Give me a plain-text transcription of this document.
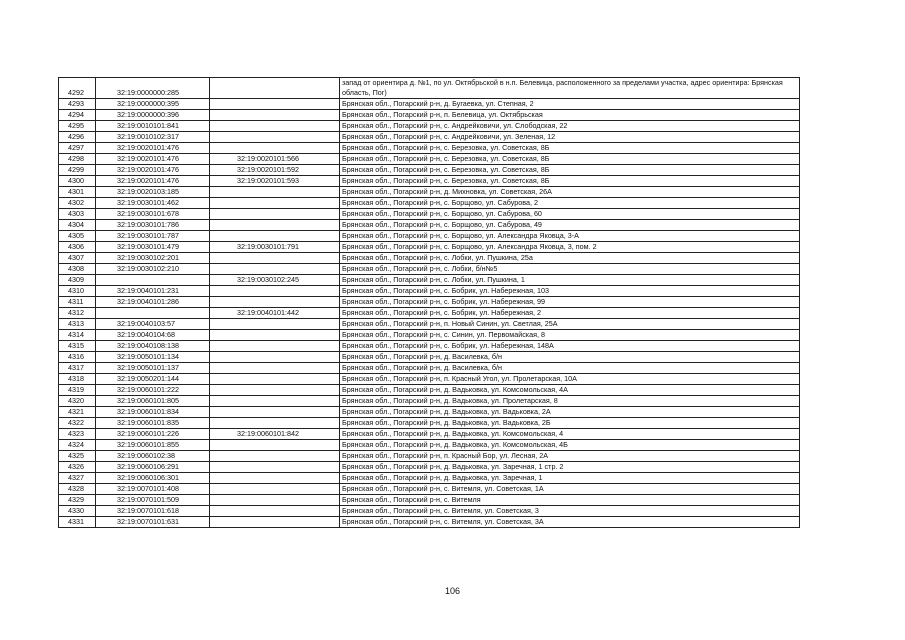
4292	32:19:0000000:285		запад от ориентира д. №1, по ул. Октябрьской в н.п. Белевица, расположенного за пределами участка, адрес ориентира: Брянская область, Пог)
4293	32:19:0000000:395		Брянская обл., Погарский р-н, д. Бугаевка, ул. Степная, 2
4294	32:19:0000000:396		Брянская обл., Погарский р-н, п. Белевица, ул. Октябрьская
4295	32:19:0010101:841		Брянская обл., Погарский р-н, с. Андрейковичи, ул. Слободская, 22
4296	32:19:0010102:317		Брянская обл., Погарский р-н, с. Андрейковичи, ул. Зеленая, 12
4297	32:19:0020101:476		Брянская обл., Погарский р-н, с. Березовка, ул. Советская, 8Б
4298	32:19:0020101:476	32:19:0020101:566	Брянская обл., Погарский р-н, с. Березовка, ул. Советская, 8Б
4299	32:19:0020101:476	32:19:0020101:592	Брянская обл., Погарский р-н, с. Березовка, ул. Советская, 8Б
4300	32:19:0020101:476	32:19:0020101:593	Брянская обл., Погарский р-н, с. Березовка, ул. Советская, 8Б
4301	32:19:0020103:185		Брянская обл., Погарский р-н, д. Михновка, ул. Советская, 26А
4302	32:19:0030101:462		Брянская обл., Погарский р-н, с. Борщово, ул. Сабурова, 2
4303	32:19:0030101:678		Брянская обл., Погарский р-н, с. Борщово, ул. Сабурова, 60
4304	32:19:0030101:786		Брянская обл., Погарский р-н, с. Борщово, ул. Сабурова, 49
4305	32:19:0030101:787		Брянская обл., Погарский р-н, с. Борщово, ул. Александра Яковца, 3-А
4306	32:19:0030101:479	32:19:0030101:791	Брянская обл., Погарский р-н, с. Борщово, ул. Александра Яковца, 3, пом. 2
4307	32:19:0030102:201		Брянская обл., Погарский р-н, с. Лобки, ул. Пушкина, 25а
4308	32:19:0030102:210		Брянская обл., Погарский р-н, с. Лобки, б/н№5
4309		32:19:0030102:245	Брянская обл., Погарский р-н, с. Лобки, ул. Пушкина, 1
4310	32:19:0040101:231		Брянская обл., Погарский р-н, с. Бобрик, ул. Набережная, 103
4311	32:19:0040101:286		Брянская обл., Погарский р-н, с. Бобрик, ул. Набережная, 99
4312		32:19:0040101:442	Брянская обл., Погарский р-н, с. Бобрик, ул. Набережная, 2
4313	32:19:0040103:57		Брянская обл., Погарский р-н, п. Новый Синин, ул. Светлая, 25А
4314	32:19:0040104:68		Брянская обл., Погарский р-н, с. Синин, ул. Первомайская, 8
4315	32:19:0040108:138		Брянская обл., Погарский р-н, с. Бобрик, ул. Набережная, 148А
4316	32:19:0050101:134		Брянская обл., Погарский р-н, д. Василевка, б/н
4317	32:19:0050101:137		Брянская обл., Погарский р-н, д. Василевка, б/н
4318	32:19:0050201:144		Брянская обл., Погарский р-н, п. Красный Угол, ул. Пролетарская, 10А
4319	32:19:0060101:222		Брянская обл., Погарский р-н, д. Вадьковка, ул. Комсомольская, 4А
4320	32:19:0060101:805		Брянская обл., Погарский р-н, д. Вадьковка, ул. Пролетарская, 8
4321	32:19:0060101:834		Брянская обл., Погарский р-н, д. Вадьковка, ул. Вадьковка, 2А
4322	32:19:0060101:835		Брянская обл., Погарский р-н, д. Вадьковка, ул. Вадьковка, 2Б
4323	32:19:0060101:226	32:19:0060101:842	Брянская обл., Погарский р-н, д. Вадьковка, ул. Комсомольская, 4
4324	32:19:0060101:855		Брянская обл., Погарский р-н, д. Вадьковка, ул. Комсомольская, 4Б
4325	32:19:0060102:38		Брянская обл., Погарский р-н, п. Красный Бор, ул. Лесная, 2А
4326	32:19:0060106:291		Брянская обл., Погарский р-н, д. Вадьковка, ул. Заречная, 1 стр. 2
4327	32:19:0060106:301		Брянская обл., Погарский р-н, д. Вадьковка, ул. Заречная, 1
4328	32:19:0070101:408		Брянская обл., Погарский р-н, с. Витемля, ул. Советская, 1А
4329	32:19:0070101:509		Брянская обл., Погарский р-н, с. Витемля
4330	32:19:0070101:618		Брянская обл., Погарский р-н, с. Витемля, ул. Советская, 3
4331	32:19:0070101:631		Брянская обл., Погарский р-н, с. Витемля, ул. Советская, 3А
106
